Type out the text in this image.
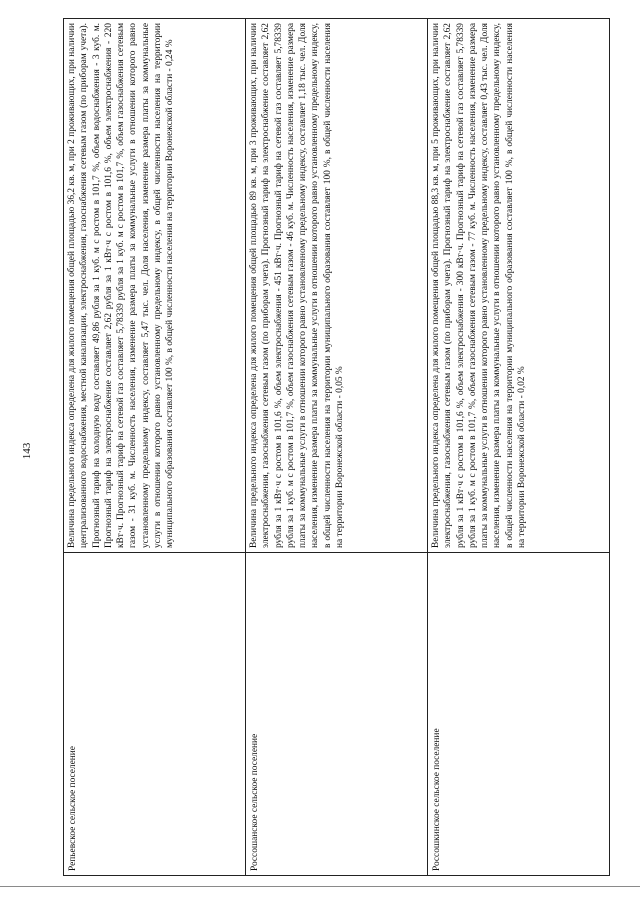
143
Репьевское сельское поселение	Величина предельного индекса определена для жилого помещения общей площадью 36,2 кв. м, при 2 проживающих, при наличии централизованного водоснабжения, местной канализации, электроснабжения, газоснабжения сетевым газом (по приборам учета). Прогнозный тариф на холодную воду составляет 49,86 рубля за 1 куб. м с ростом в 101,7 %, объем водоснабжения - 3 куб. м. Прогнозный тариф на электроснабжение составляет 2,62 рубля за 1 кВт·ч с ростом в 101,6 %, объем электроснабжения - 220 кВт·ч. Прогнозный тариф на сетевой газ составляет 5,78339 рубля за 1 куб. м с ростом в 101,7 %, объем газоснабжения сетевым газом - 31 куб. м. Численность населения, изменение размера платы за коммунальные услуги в отношении которого равно установленному предельному индексу, составляет 5,47 тыс. чел. Доля населения, изменение размера платы за коммунальные услуги в отношении которого равно установленному предельному индексу, в общей численности населения на территории муниципального образования составляет 100 %, в общей численности населения на территории Воронежской области - 0,24 %
Россошанское сельское поселение	Величина предельного индекса определена для жилого помещения общей площадью 89 кв. м, при 3 проживающих, при наличии электроснабжения, газоснабжения сетевым газом (по приборам учета). Прогнозный тариф на электроснабжение составляет 2,62 рубля за 1 кВт·ч с ростом в 101,6 %, объем электроснабжения - 451 кВт·ч. Прогнозный тариф на сетевой газ составляет 5,78339 рубля за 1 куб. м с ростом в 101,7 %, объем газоснабжения сетевым газом - 46 куб. м. Численность населения, изменение размера платы за коммунальные услуги в отношении которого равно установленному предельному индексу, составляет 1,18 тыс. чел. Доля населения, изменение размера платы за коммунальные услуги в отношении которого равно установленному предельному индексу, в общей численности населения на территории муниципального образования составляет 100 %, в общей численности населения на территории Воронежской области - 0,05 %
Россошкинское сельское поселение	Величина предельного индекса определена для жилого помещения общей площадью 88,3 кв. м, при 5 проживающих, при наличии электроснабжения, газоснабжения сетевым газом (по приборам учета). Прогнозный тариф на электроснабжение составляет 2,62 рубля за 1 кВт·ч с ростом в 101,6 %, объем электроснабжения - 300 кВт·ч. Прогнозный тариф на сетевой газ составляет 5,78339 рубля за 1 куб. м с ростом в 101,7 %, объем газоснабжения сетевым газом - 77 куб. м. Численность населения, изменение размера платы за коммунальные услуги в отношении которого равно установленному предельному индексу, составляет 0,43 тыс. чел. Доля населения, изменение размера платы за коммунальные услуги в отношении которого равно установленному предельному индексу, в общей численности населения на территории муниципального образования составляет 100 %, в общей численности населения на территории Воронежской области - 0,02 %
